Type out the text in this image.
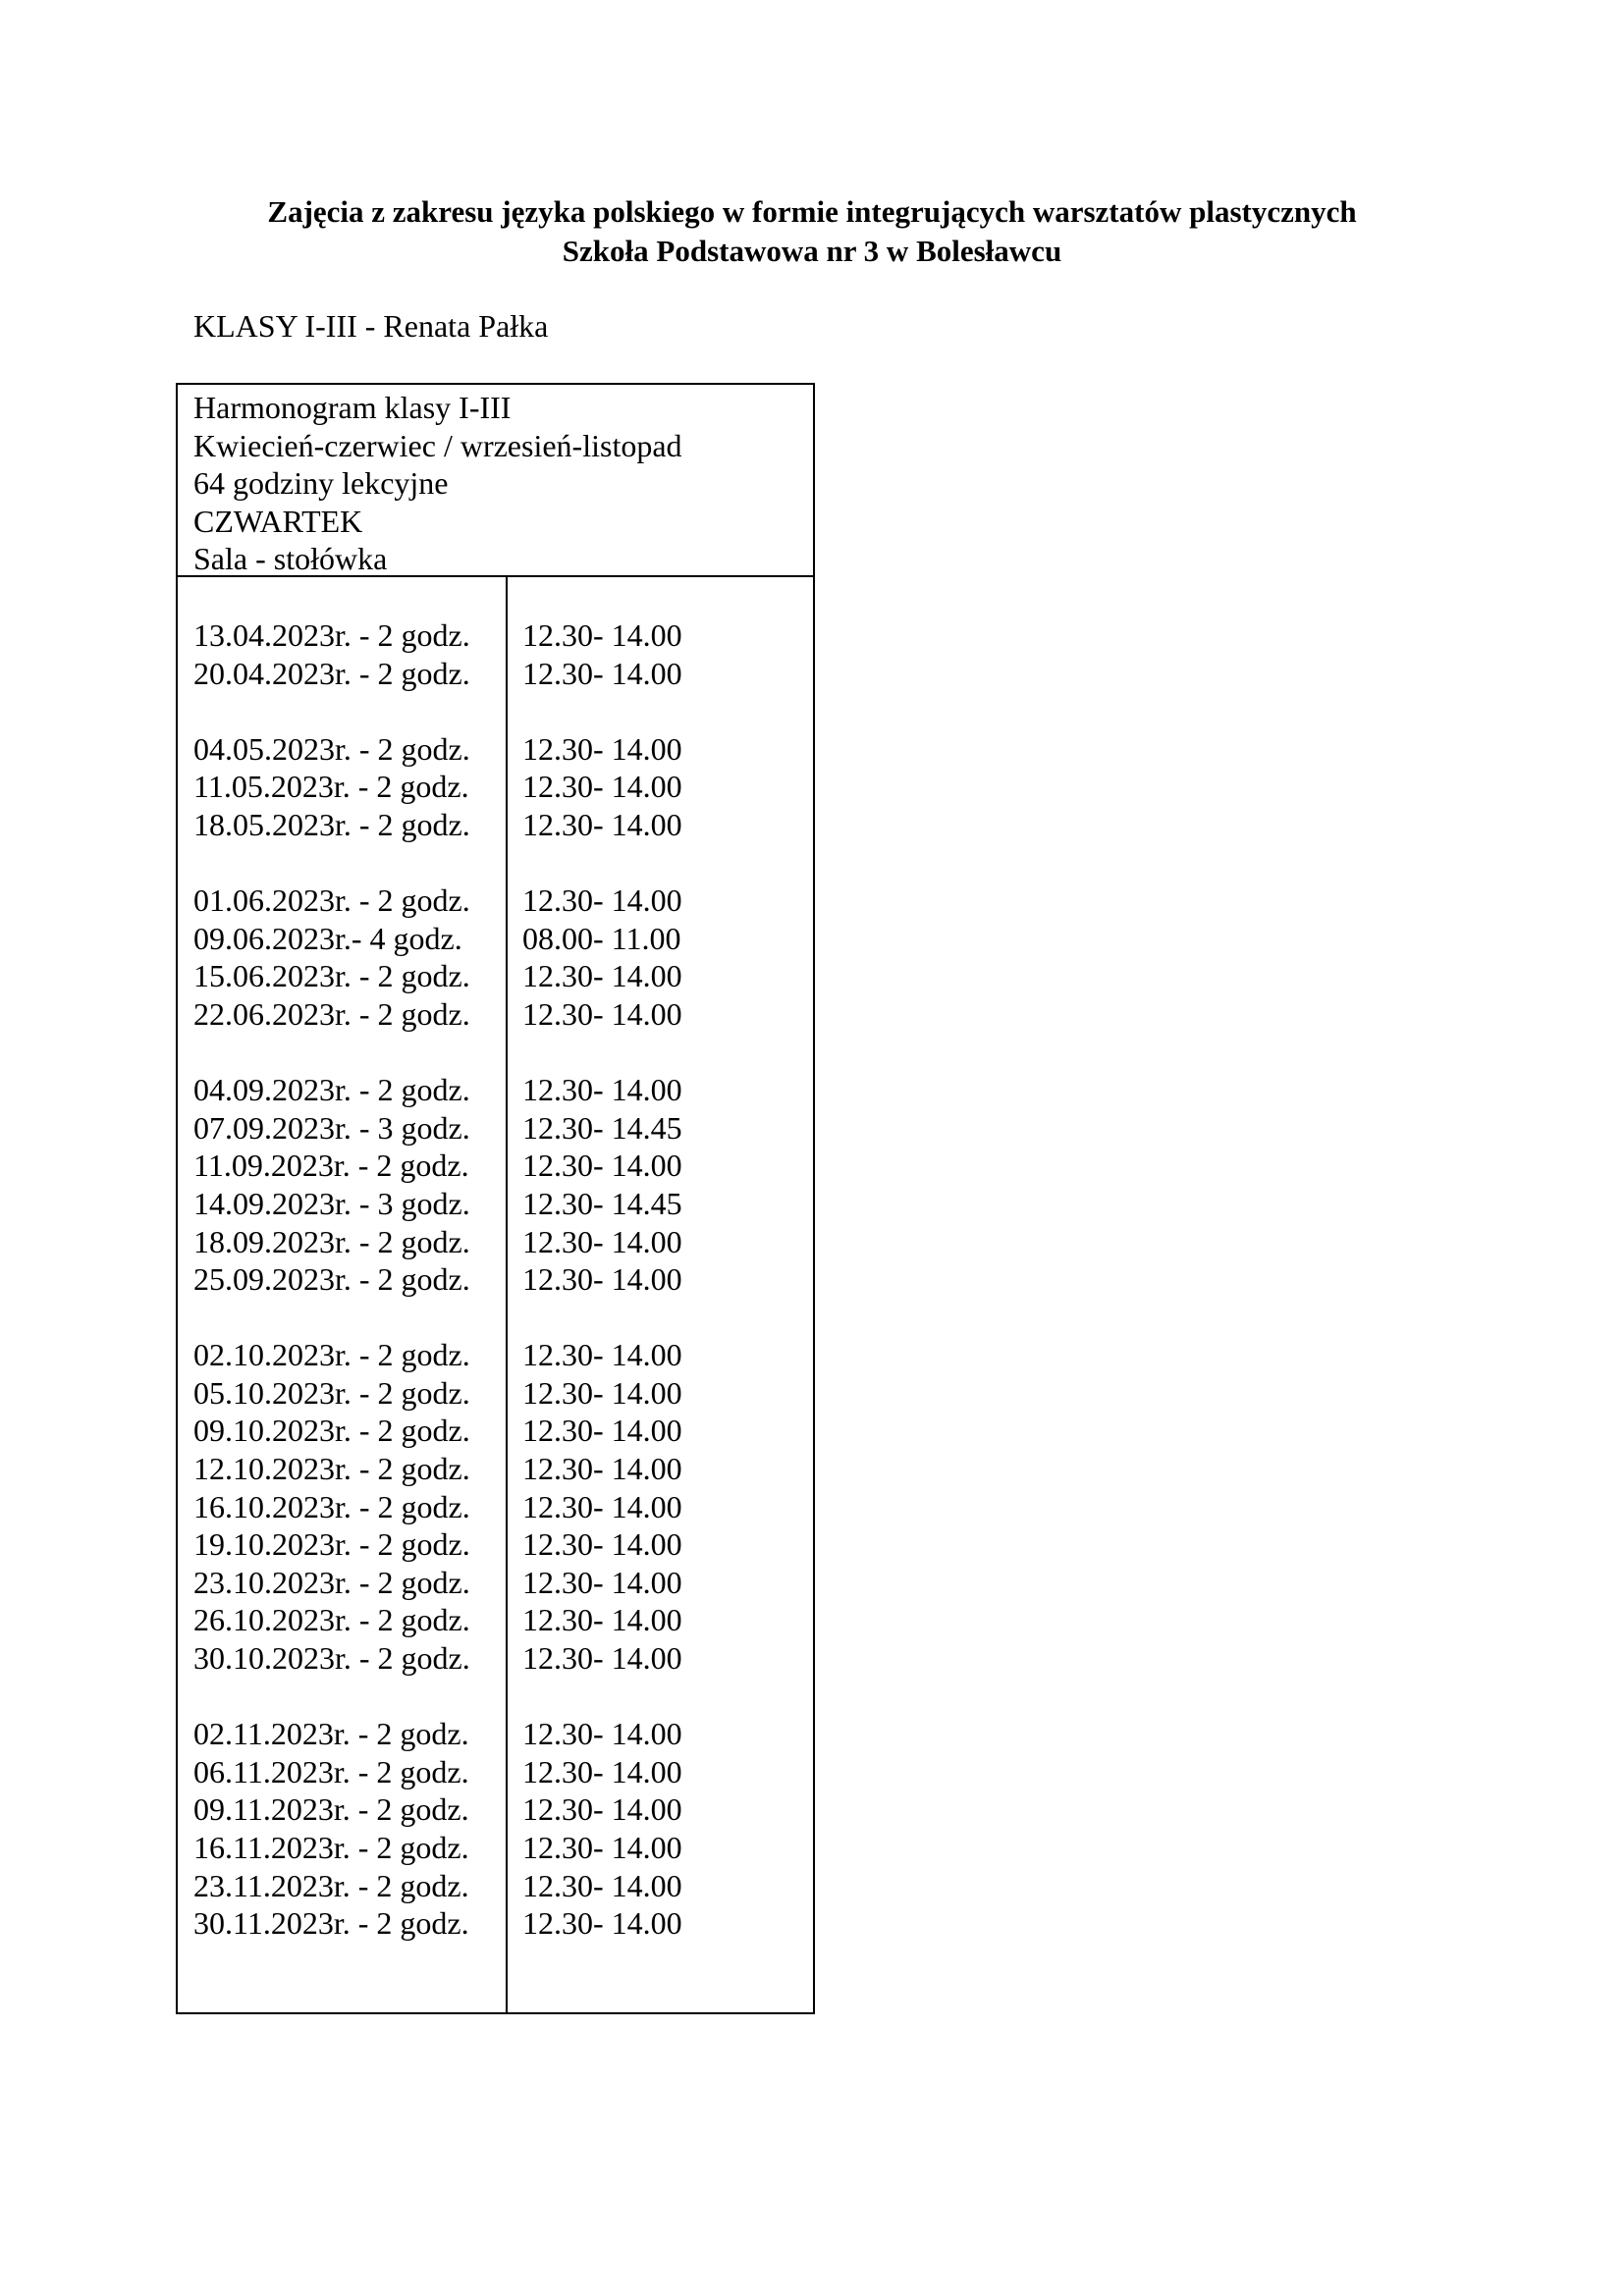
Zajęcia z zakresu języka polskiego w formie integrujących warsztatów plastycznych
Szkoła Podstawowa nr 3 w Bolesławcu
KLASY I-III - Renata Pałka
Harmonogram klasy I-III
Kwiecień-czerwiec / wrzesień-listopad
64 godziny lekcyjne
CZWARTEK
Sala - stołówka
13.04.2023r. - 2 godz. 12.30- 14.00
20.04.2023r. - 2 godz. 12.30- 14.00
04.05.2023r. - 2 godz. 12.30- 14.00
11.05.2023r. - 2 godz. 12.30- 14.00
18.05.2023r. - 2 godz. 12.30- 14.00
01.06.2023r. - 2 godz. 12.30- 14.00
09.06.2023r.- 4 godz. 08.00- 11.00
15.06.2023r. - 2 godz. 12.30- 14.00
22.06.2023r. - 2 godz. 12.30- 14.00
04.09.2023r. - 2 godz. 12.30- 14.00
07.09.2023r. - 3 godz. 12.30- 14.45
11.09.2023r. - 2 godz. 12.30- 14.00
14.09.2023r. - 3 godz. 12.30- 14.45
18.09.2023r. - 2 godz. 12.30- 14.00
25.09.2023r. - 2 godz. 12.30- 14.00
02.10.2023r. - 2 godz. 12.30- 14.00
05.10.2023r. - 2 godz. 12.30- 14.00
09.10.2023r. - 2 godz. 12.30- 14.00
12.10.2023r. - 2 godz. 12.30- 14.00
16.10.2023r. - 2 godz. 12.30- 14.00
19.10.2023r. - 2 godz. 12.30- 14.00
23.10.2023r. - 2 godz. 12.30- 14.00
26.10.2023r. - 2 godz. 12.30- 14.00
30.10.2023r. - 2 godz. 12.30- 14.00
02.11.2023r. - 2 godz. 12.30- 14.00
06.11.2023r. - 2 godz. 12.30- 14.00
09.11.2023r. - 2 godz. 12.30- 14.00
16.11.2023r. - 2 godz. 12.30- 14.00
23.11.2023r. - 2 godz. 12.30- 14.00
30.11.2023r. - 2 godz. 12.30- 14.00
